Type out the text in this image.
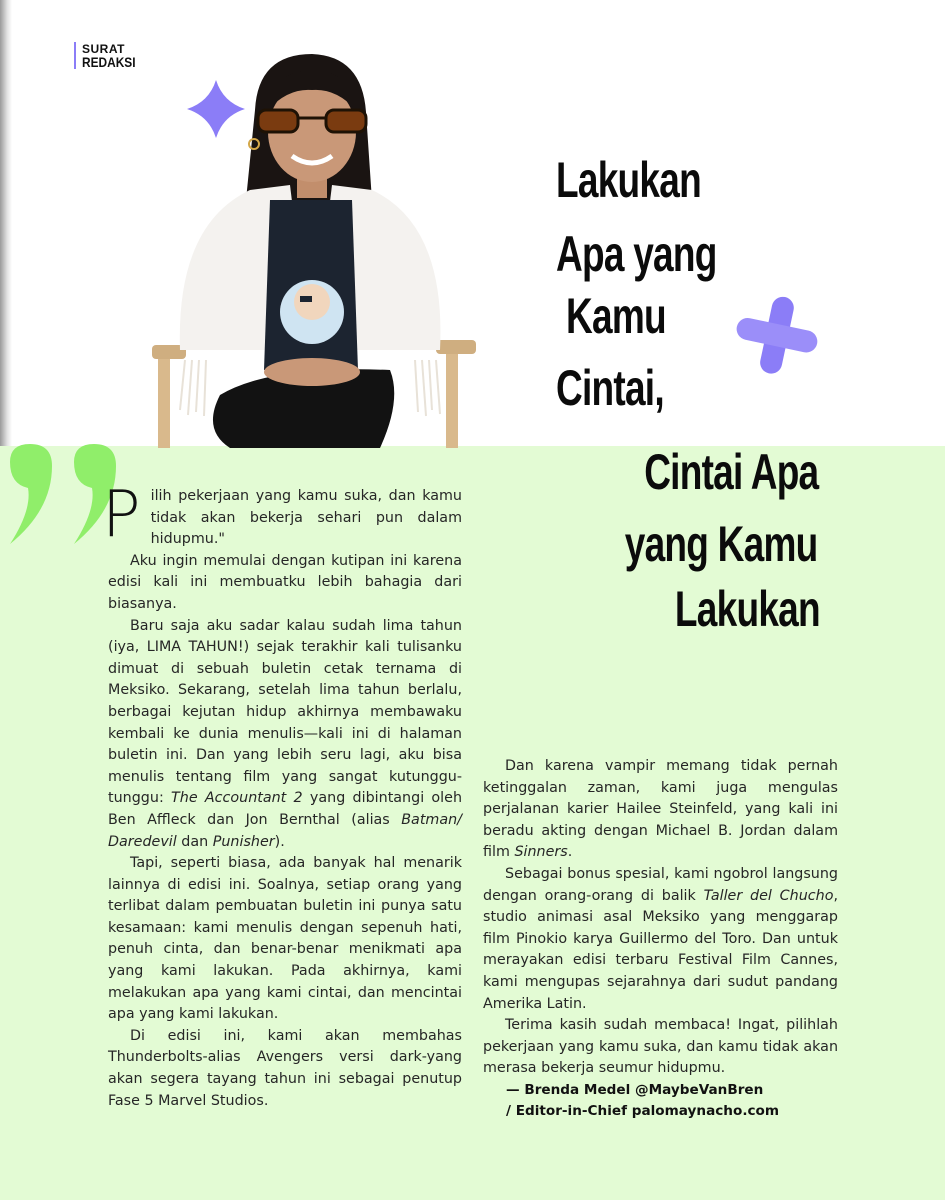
SURAT

REDAKSI
Lakukan
Apa yang
Kamu
Cintai,
Cintai Apa
yang Kamu
Lakukan

Pilih pekerjaan yang kamu suka, dan kamu tidak akan bekerja sehari pun dalam hidupmu."

Aku ingin memulai dengan kutipan ini karena edisi kali ini membuatku lebih bahagia dari biasanya.

Baru saja aku sadar kalau sudah lima tahun (iya, LIMA TAHUN!) sejak terakhir kali tulisanku dimuat di sebuah buletin cetak ternama di Meksiko. Sekarang, setelah lima tahun berlalu, berbagai kejutan hidup akhirnya membawaku kembali ke dunia menulis—kali ini di halaman buletin ini. Dan yang lebih seru lagi, aku bisa menulis tentang film yang sangat kutunggu-tunggu: The Accountant 2 yang dibintangi oleh Ben Affleck dan Jon Bernthal (alias Batman/ Daredevil dan Punisher).

Tapi, seperti biasa, ada banyak hal menarik lainnya di edisi ini. Soalnya, setiap orang yang terlibat dalam pembuatan buletin ini punya satu kesamaan: kami menulis dengan sepenuh hati, penuh cinta, dan benar-benar menikmati apa yang kami lakukan. Pada akhirnya, kami melakukan apa yang kami cintai, dan mencintai apa yang kami lakukan.

Di edisi ini, kami akan membahas Thunderbolts-alias Avengers versi dark-yang akan segera tayang tahun ini sebagai penutup Fase 5 Marvel Studios.

Dan karena vampir memang tidak pernah ketinggalan zaman, kami juga mengulas perjalanan karier Hailee Steinfeld, yang kali ini beradu akting dengan Michael B. Jordan dalam film Sinners.

Sebagai bonus spesial, kami ngobrol langsung dengan orang-orang di balik Taller del Chucho, studio animasi asal Meksiko yang menggarap film Pinokio karya Guillermo del Toro. Dan untuk merayakan edisi terbaru Festival Film Cannes, kami mengupas sejarahnya dari sudut pandang Amerika Latin.

Terima kasih sudah membaca! Ingat, pilihlah pekerjaan yang kamu suka, dan kamu tidak akan merasa bekerja seumur hidupmu.

— Brenda Medel @MaybeVanBren
/ Editor-in-Chief palomaynacho.com
